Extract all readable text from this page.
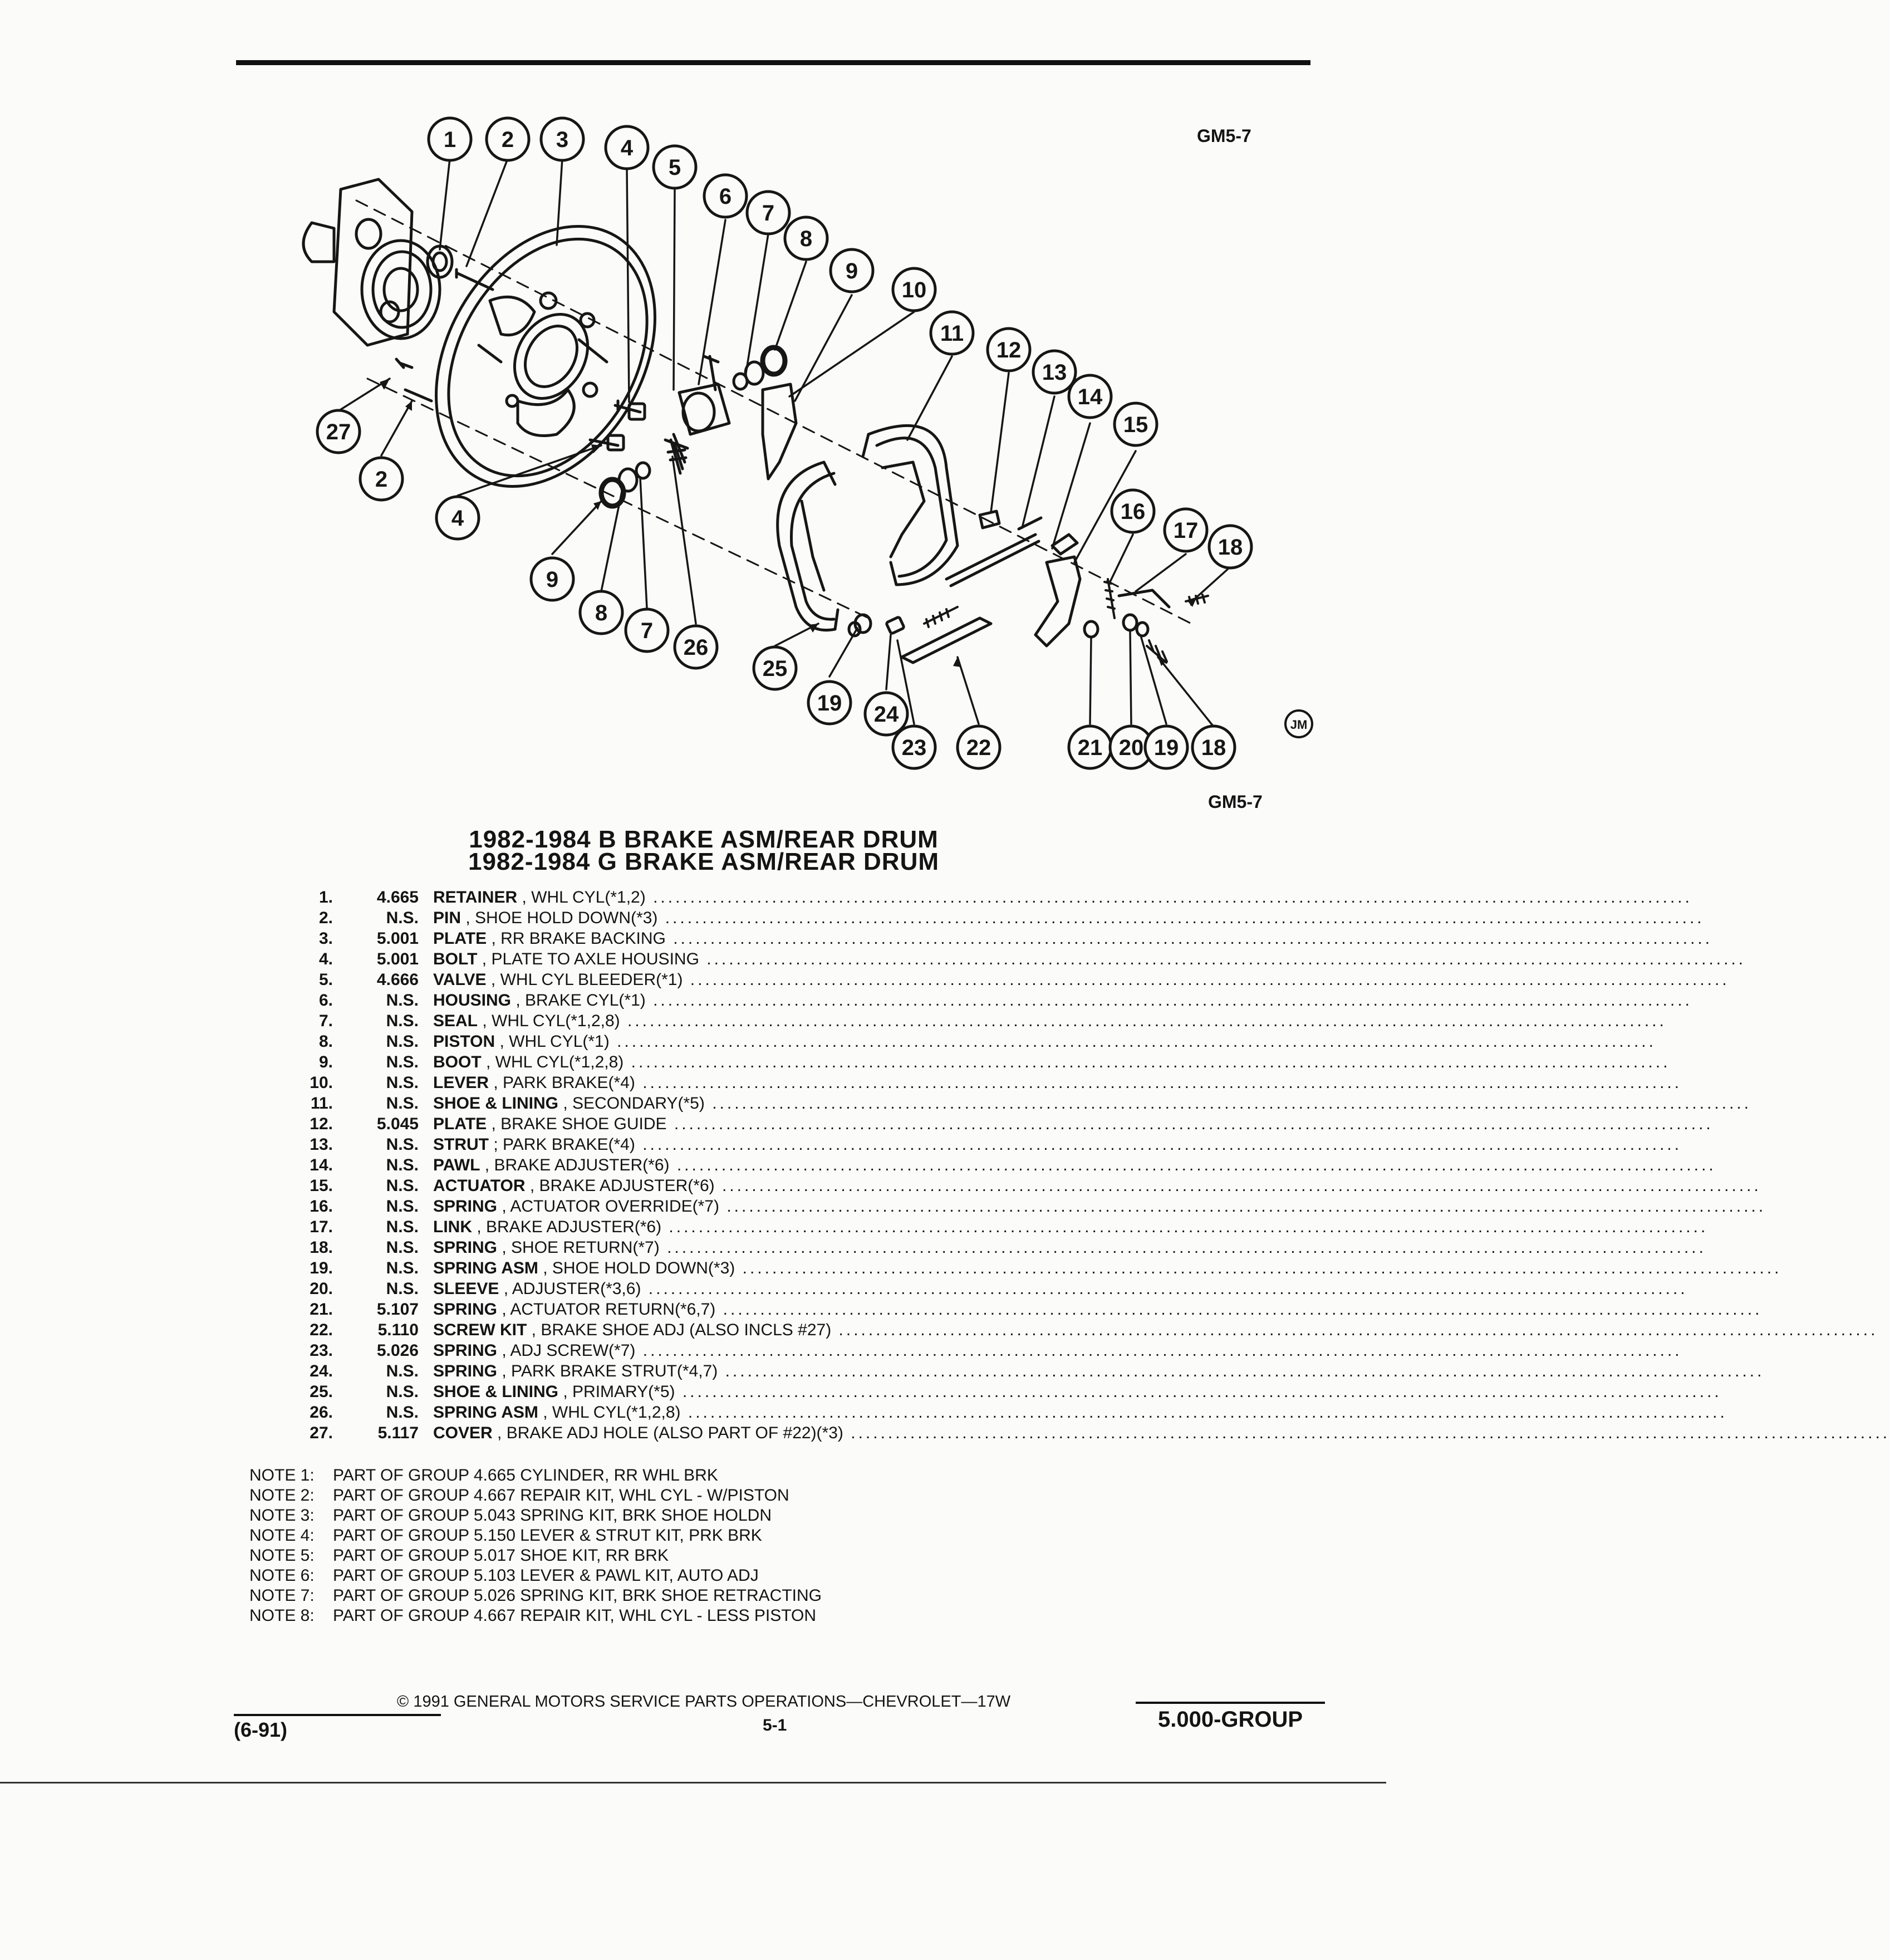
GM5-7
1 2 3 4
5
6
7
8
9
10
11
12
13
14
15
27
2
4
9
8
7
26
25
19 24
23 22
16
17
18
21 20 19 18
JM
GM5-7
1982-1984 B BRAKE ASM/REAR DRUM
1982-1984 G BRAKE ASM/REAR DRUM
1.	4.665 RETAINER , WHL CYL(*1,2) ............................................................................................................................................
2.	N.S. PIN , SHOE HOLD DOWN(*3) ............................................................................................................................................
3.	5.001 PLATE , RR BRAKE BACKING ............................................................................................................................................
4.	5.001 BOLT , PLATE TO AXLE HOUSING ............................................................................................................................................
5.	4.666 VALVE , WHL CYL BLEEDER(*1) ............................................................................................................................................
6.	N.S. HOUSING , BRAKE CYL(*1) ............................................................................................................................................
7.	N.S. SEAL , WHL CYL(*1,2,8) ............................................................................................................................................
8.	N.S. PISTON , WHL CYL(*1) ............................................................................................................................................
9.	N.S. BOOT , WHL CYL(*1,2,8) ............................................................................................................................................
10.	N.S. LEVER , PARK BRAKE(*4) ............................................................................................................................................
11.	N.S. SHOE & LINING , SECONDARY(*5) ............................................................................................................................................
12.	5.045 PLATE , BRAKE SHOE GUIDE ............................................................................................................................................
13.	N.S. STRUT ; PARK BRAKE(*4) ............................................................................................................................................
14.	N.S. PAWL , BRAKE ADJUSTER(*6) ............................................................................................................................................
15.	N.S. ACTUATOR , BRAKE ADJUSTER(*6) ............................................................................................................................................
16.	N.S. SPRING , ACTUATOR OVERRIDE(*7) ............................................................................................................................................
17.	N.S. LINK , BRAKE ADJUSTER(*6) ............................................................................................................................................
18.	N.S. SPRING , SHOE RETURN(*7) ............................................................................................................................................
19.	N.S. SPRING ASM , SHOE HOLD DOWN(*3) ............................................................................................................................................
20.	N.S. SLEEVE , ADJUSTER(*3,6) ............................................................................................................................................
21.	5.107 SPRING , ACTUATOR RETURN(*6,7) ............................................................................................................................................
22.	5.110 SCREW KIT , BRAKE SHOE ADJ (ALSO INCLS #27) ............................................................................................................................................
23.	5.026 SPRING , ADJ SCREW(*7) ............................................................................................................................................
24.	N.S. SPRING , PARK BRAKE STRUT(*4,7) ............................................................................................................................................
25.	N.S. SHOE & LINING , PRIMARY(*5) ............................................................................................................................................
26.	N.S. SPRING ASM , WHL CYL(*1,2,8) ............................................................................................................................................
27.	5.117 COVER , BRAKE ADJ HOLE (ALSO PART OF #22)(*3) ............................................................................................................................................
NOTE 1: PART OF GROUP 4.665 CYLINDER, RR WHL BRK
NOTE 2: PART OF GROUP 4.667 REPAIR KIT, WHL CYL - W/PISTON
NOTE 3: PART OF GROUP 5.043 SPRING KIT, BRK SHOE HOLDN
NOTE 4: PART OF GROUP 5.150 LEVER & STRUT KIT, PRK BRK
NOTE 5: PART OF GROUP 5.017 SHOE KIT, RR BRK
NOTE 6: PART OF GROUP 5.103 LEVER & PAWL KIT, AUTO ADJ
NOTE 7: PART OF GROUP 5.026 SPRING KIT, BRK SHOE RETRACTING
NOTE 8: PART OF GROUP 4.667 REPAIR KIT, WHL CYL - LESS PISTON
© 1991 GENERAL MOTORS SERVICE PARTS OPERATIONS—CHEVROLET—17W
5-1
(6-91)	5.000-GROUP
